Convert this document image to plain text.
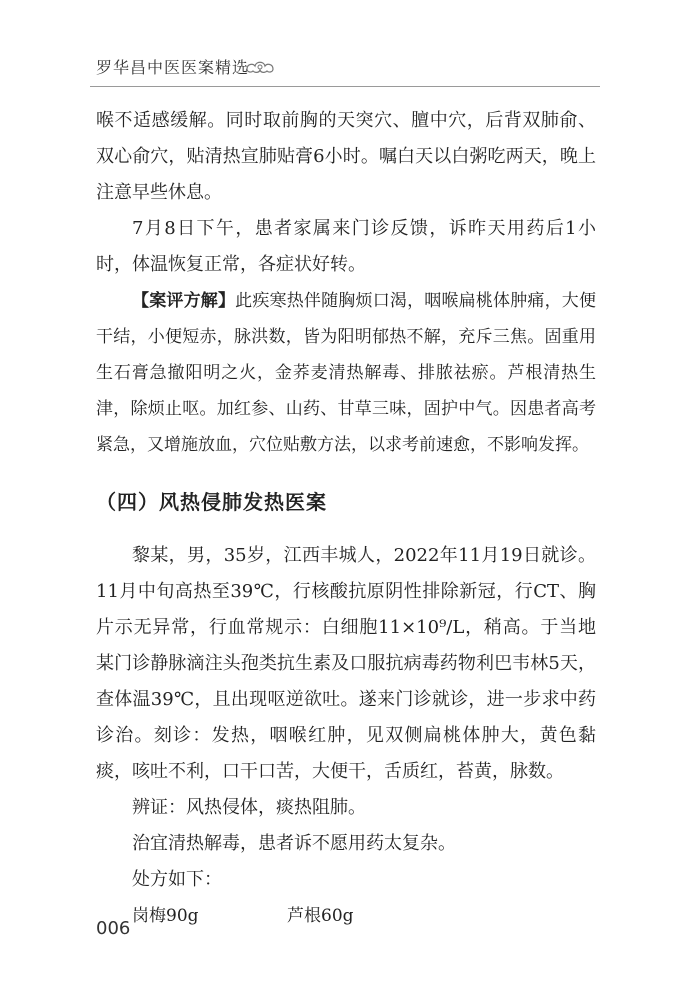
罗华昌中医医案精选

喉不适感缓解。同时取前胸的天突穴、膻中穴，后背双肺俞、双心俞穴，贴清热宣肺贴膏6小时。嘱白天以白粥吃两天，晚上注意早些休息。

7月8日下午，患者家属来门诊反馈，诉昨天用药后1小时，体温恢复正常，各症状好转。

【案评方解】此疾寒热伴随胸烦口渴，咽喉扁桃体肿痛，大便干结，小便短赤，脉洪数，皆为阳明郁热不解，充斥三焦。固重用生石膏急撤阳明之火，金荞麦清热解毒、排脓祛瘀。芦根清热生津，除烦止呕。加红参、山药、甘草三味，固护中气。因患者高考紧急，又增施放血，穴位贴敷方法，以求考前速愈，不影响发挥。

（四）风热侵肺发热医案

黎某，男，35岁，江西丰城人，2022年11月19日就诊。11月中旬高热至39℃，行核酸抗原阴性排除新冠，行CT、胸片示无异常，行血常规示：白细胞11×10⁹/L，稍高。于当地某门诊静脉滴注头孢类抗生素及口服抗病毒药物利巴韦林5天，查体温39℃，且出现呕逆欲吐。遂来门诊就诊，进一步求中药诊治。刻诊：发热，咽喉红肿，见双侧扁桃体肿大，黄色黏痰，咳吐不利，口干口苦，大便干，舌质红，苔黄，脉数。

辨证：风热侵体，痰热阻肺。

治宜清热解毒，患者诉不愿用药太复杂。

处方如下：

岗梅90g	芦根60g
006
